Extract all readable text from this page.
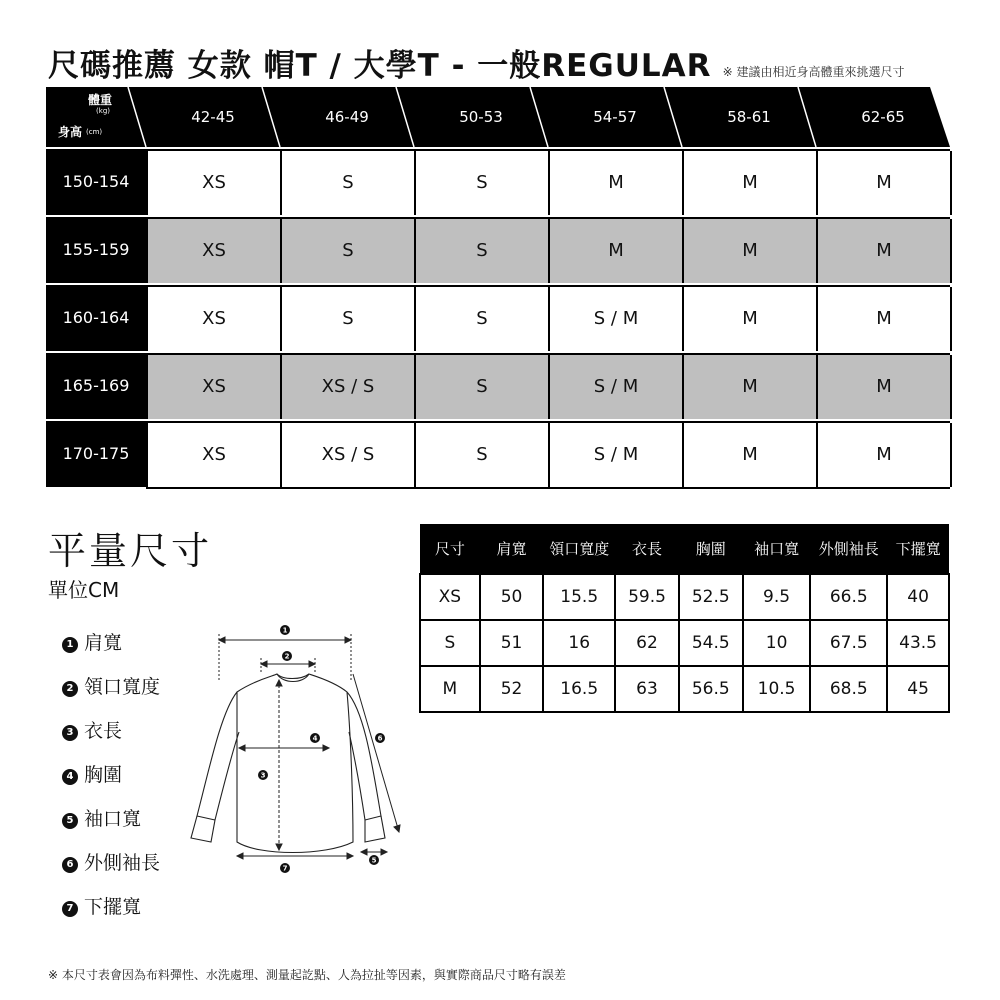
尺碼推薦 女款 帽T / 大學T - 一般REGULAR ※ 建議由相近身高體重來挑選尺寸
體重
(kg)
身高 (cm)
42-45	46-49	50-53	54-57	58-61	62-65
150-154	XS	S	S	M	M	M
155-159	XS	S	S	M	M	M
160-164	XS	S	S	S / M	M	M
165-169	XS	XS / S	S	S / M	M	M
170-175	XS	XS / S	S	S / M	M	M
平量尺寸
單位CM
1 肩寬
2 領口寬度
3 衣長
4 胸圍
5 袖口寬
6 外側袖長
7 下擺寬
1
2
3
4
5
6
7
尺寸	肩寬	領口寬度	衣長	胸圍	袖口寬	外側袖長	下擺寬
XS	50	15.5	59.5	52.5	9.5	66.5	40
S	51	16	62	54.5	10	67.5	43.5
M	52	16.5	63	56.5	10.5	68.5	45
※ 本尺寸表會因為布料彈性、水洗處理、測量起訖點、人為拉扯等因素，與實際商品尺寸略有誤差
